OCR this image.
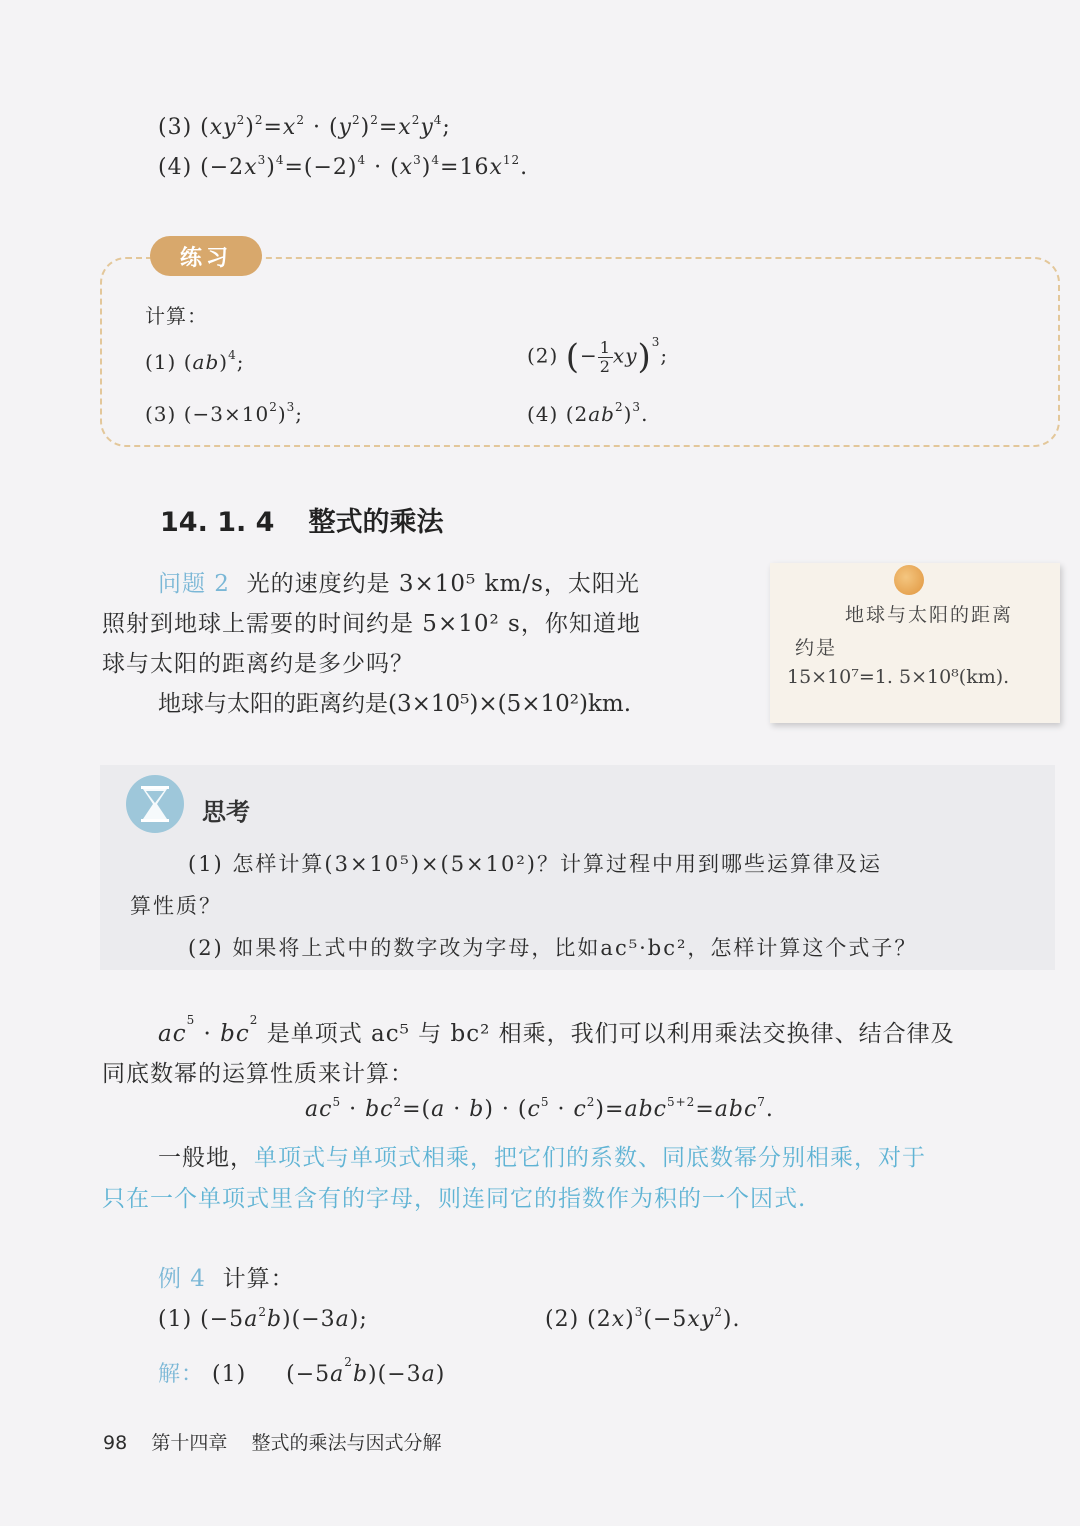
(3) $(xy^2)^2=x^2 \cdot (y^2)^2=x^2y^4$;
(4) $(-2x^3)^4=(-2)^4 \cdot (x^3)^4=16x^{12}$.
练习
计算：
(1) (ab)$^4$;	(2) (− $\frac{1}{2} xy)^3$;
(3) $(-3\times 10^2)^3$;	(4) $(2ab^2)^3$.
14. 1. 4 整式的乘法
问题 2 光的速度约是 3×10⁵ km/s，太阳光
照射到地球上需要的时间约是 5×10² s，你知道地
球与太阳的距离约是多少吗？
地球与太阳的距离约是(3×10⁵)×(5×10²)km.
地球与太阳的距离
约是
15×10⁷=1. 5×10⁸(km).
思考
(1) 怎样计算(3×10⁵)×(5×10²)？计算过程中用到哪些运算律及运
算性质？
(2) 如果将上式中的数字改为字母，比如ac⁵·bc²，怎样计算这个式子？
$ac^5 \cdot bc^2$ 是单项式 ac⁵ 与 bc² 相乘，我们可以利用乘法交换律、结合律及
同底数幂的运算性质来计算：
$ac^5 \cdot bc^2=(a \cdot b) \cdot (c^5 \cdot c^2)=abc^{5+2}=abc^7$.
一般地，单项式与单项式相乘，把它们的系数、同底数幂分别相乘，对于
只在一个单项式里含有的字母，则连同它的指数作为积的一个因式.
例 4 计算：
(1) $(-5a^2b)(-3a)$;	(2) $(2x)^3(-5xy^2)$.
解： (1)     $(-5a^2b)(-3a)$
98 第十四章 整式的乘法与因式分解
